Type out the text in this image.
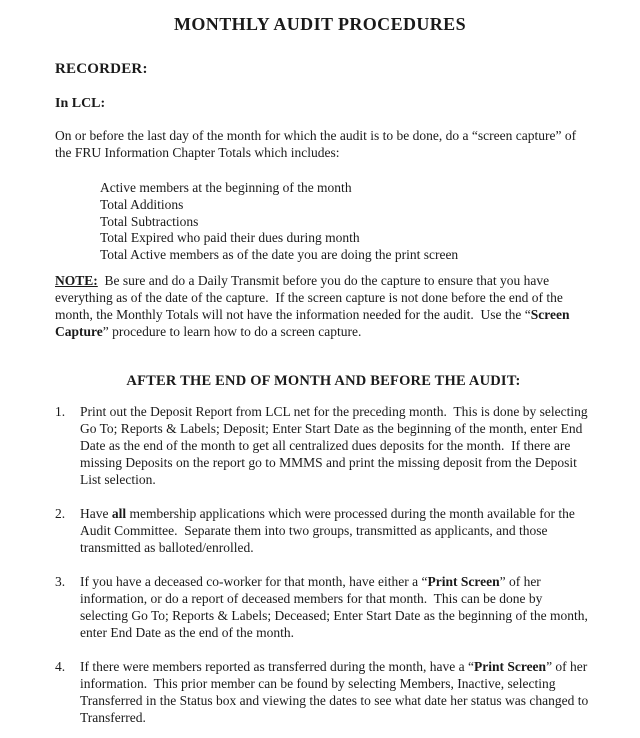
MONTHLY AUDIT PROCEDURES
RECORDER:
In LCL:

On or before the last day of the month for which the audit is to be done, do a “screen capture” of the FRU Information Chapter Totals which includes:

Active members at the beginning of the month
Total Additions
Total Subtractions
Total Expired who paid their dues during month
Total Active members as of the date you are doing the print screen

NOTE:  Be sure and do a Daily Transmit before you do the capture to ensure that you have everything as of the date of the capture.  If the screen capture is not done before the end of the month, the Monthly Totals will not have the information needed for the audit.  Use the “Screen Capture” procedure to learn how to do a screen capture.

AFTER THE END OF MONTH AND BEFORE THE AUDIT:
1.	Print out the Deposit Report from LCL net for the preceding month.  This is done by selecting Go To; Reports & Labels; Deposit; Enter Start Date as the beginning of the month, enter End Date as the end of the month to get all centralized dues deposits for the month.  If there are missing Deposits on the report go to MMMS and print the missing deposit from the Deposit List selection.
2.	Have all membership applications which were processed during the month available for the Audit Committee.  Separate them into two groups, transmitted as applicants, and those transmitted as balloted/enrolled.
3.	If you have a deceased co-worker for that month, have either a “Print Screen” of her information, or do a report of deceased members for that month.  This can be done by selecting Go To; Reports & Labels; Deceased; Enter Start Date as the beginning of the month, enter End Date as the end of the month.
4.	If there were members reported as transferred during the month, have a “Print Screen” of her information.  This prior member can be found by selecting Members, Inactive, selecting Transferred in the Status box and viewing the dates to see what date her status was changed to Transferred.
